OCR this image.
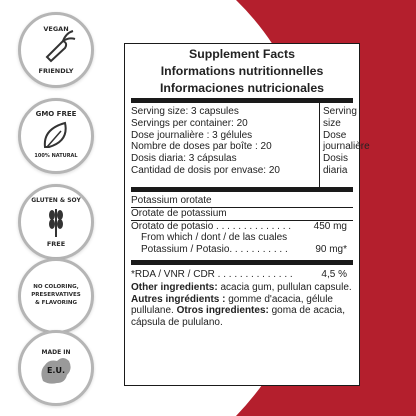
VEGAN
FRIENDLY
GMO FREE
100% NATURAL
GLUTEN & SOY
FREE
NO COLORING,
PRESERVATIVES
& FLAVORING
MADE IN
E.U.
Supplement Facts
Informations nutritionnelles
Informaciones nutricionales
Serving size: 3 capsules
Servings per container: 20
Dose journalière : 3 gélules
Nombre de doses par boîte : 20
Dosis diaria: 3 cápsulas
Cantidad de dosis por envase: 20
Serving
size
Dose
journalière
Dosis
diaria
Potassium orotate
Orotate de potassium
Orotato de potasio . . . . . . . . . . . . . . 450 mg
From which / dont / de las cuales
Potassium / Potasio. . . . . . . . . . .	90 mg*
*RDA / VNR / CDR . . . . . . . . . . . . . .	4,5 %
Other ingredients: acacia gum, pullulan capsule. Autres ingrédients : gomme d'acacia, gélule pullulane. Otros ingredientes: goma de acacia, cápsula de pululano.
